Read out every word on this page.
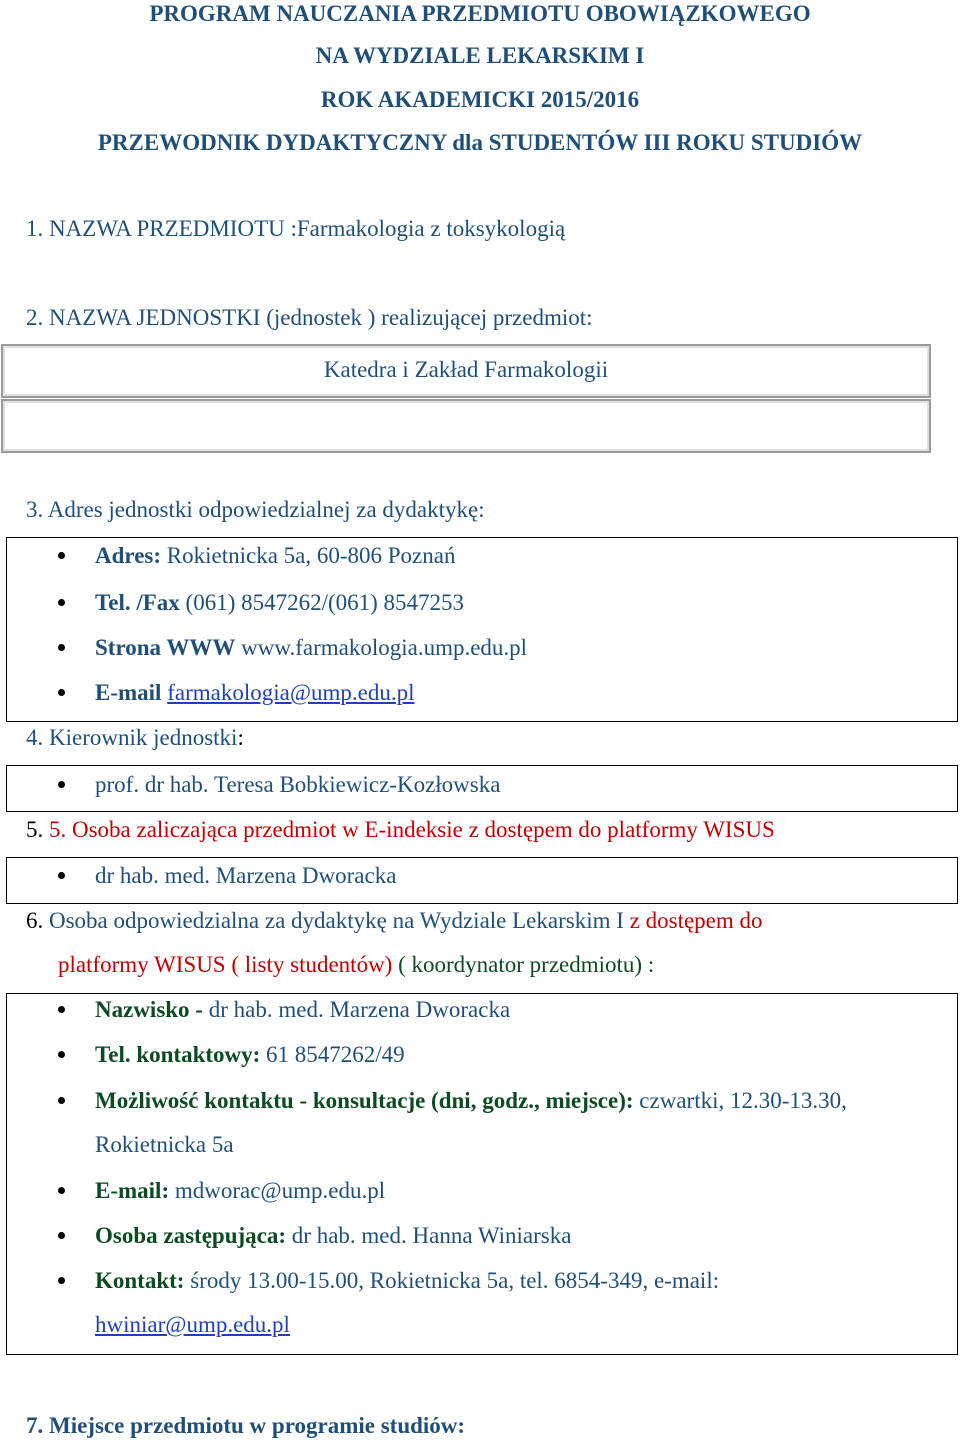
PROGRAM NAUCZANIA PRZEDMIOTU OBOWIĄZKOWEGO
NA WYDZIALE LEKARSKIM I
ROK AKADEMICKI 2015/2016
PRZEWODNIK DYDAKTYCZNY dla STUDENTÓW III ROKU STUDIÓW
1. NAZWA PRZEDMIOTU :Farmakologia z toksykologią
2. NAZWA JEDNOSTKI (jednostek ) realizującej przedmiot:
Katedra i Zakład Farmakologii
3. Adres jednostki odpowiedzialnej za dydaktykę:
Adres: Rokietnicka 5a, 60-806 Poznań
Tel. /Fax (061) 8547262/(061) 8547253
Strona WWW www.farmakologia.ump.edu.pl
E-mail farmakologia@ump.edu.pl
4. Kierownik jednostki:
prof. dr hab. Teresa Bobkiewicz-Kozłowska
5. 5. Osoba zaliczająca przedmiot w E-indeksie z dostępem do platformy WISUS
dr hab. med. Marzena Dworacka
6. Osoba odpowiedzialna za dydaktykę na Wydziale Lekarskim I z dostępem do
platformy WISUS ( listy studentów) ( koordynator przedmiotu) :
Nazwisko - dr hab. med. Marzena Dworacka
Tel. kontaktowy: 61 8547262/49
Możliwość kontaktu - konsultacje (dni, godz., miejsce): czwartki, 12.30-13.30,
Rokietnicka 5a
E-mail: mdworac@ump.edu.pl
Osoba zastępująca: dr hab. med. Hanna Winiarska
Kontakt: środy 13.00-15.00, Rokietnicka 5a, tel. 6854-349, e-mail:
hwiniar@ump.edu.pl
7. Miejsce przedmiotu w programie studiów:
